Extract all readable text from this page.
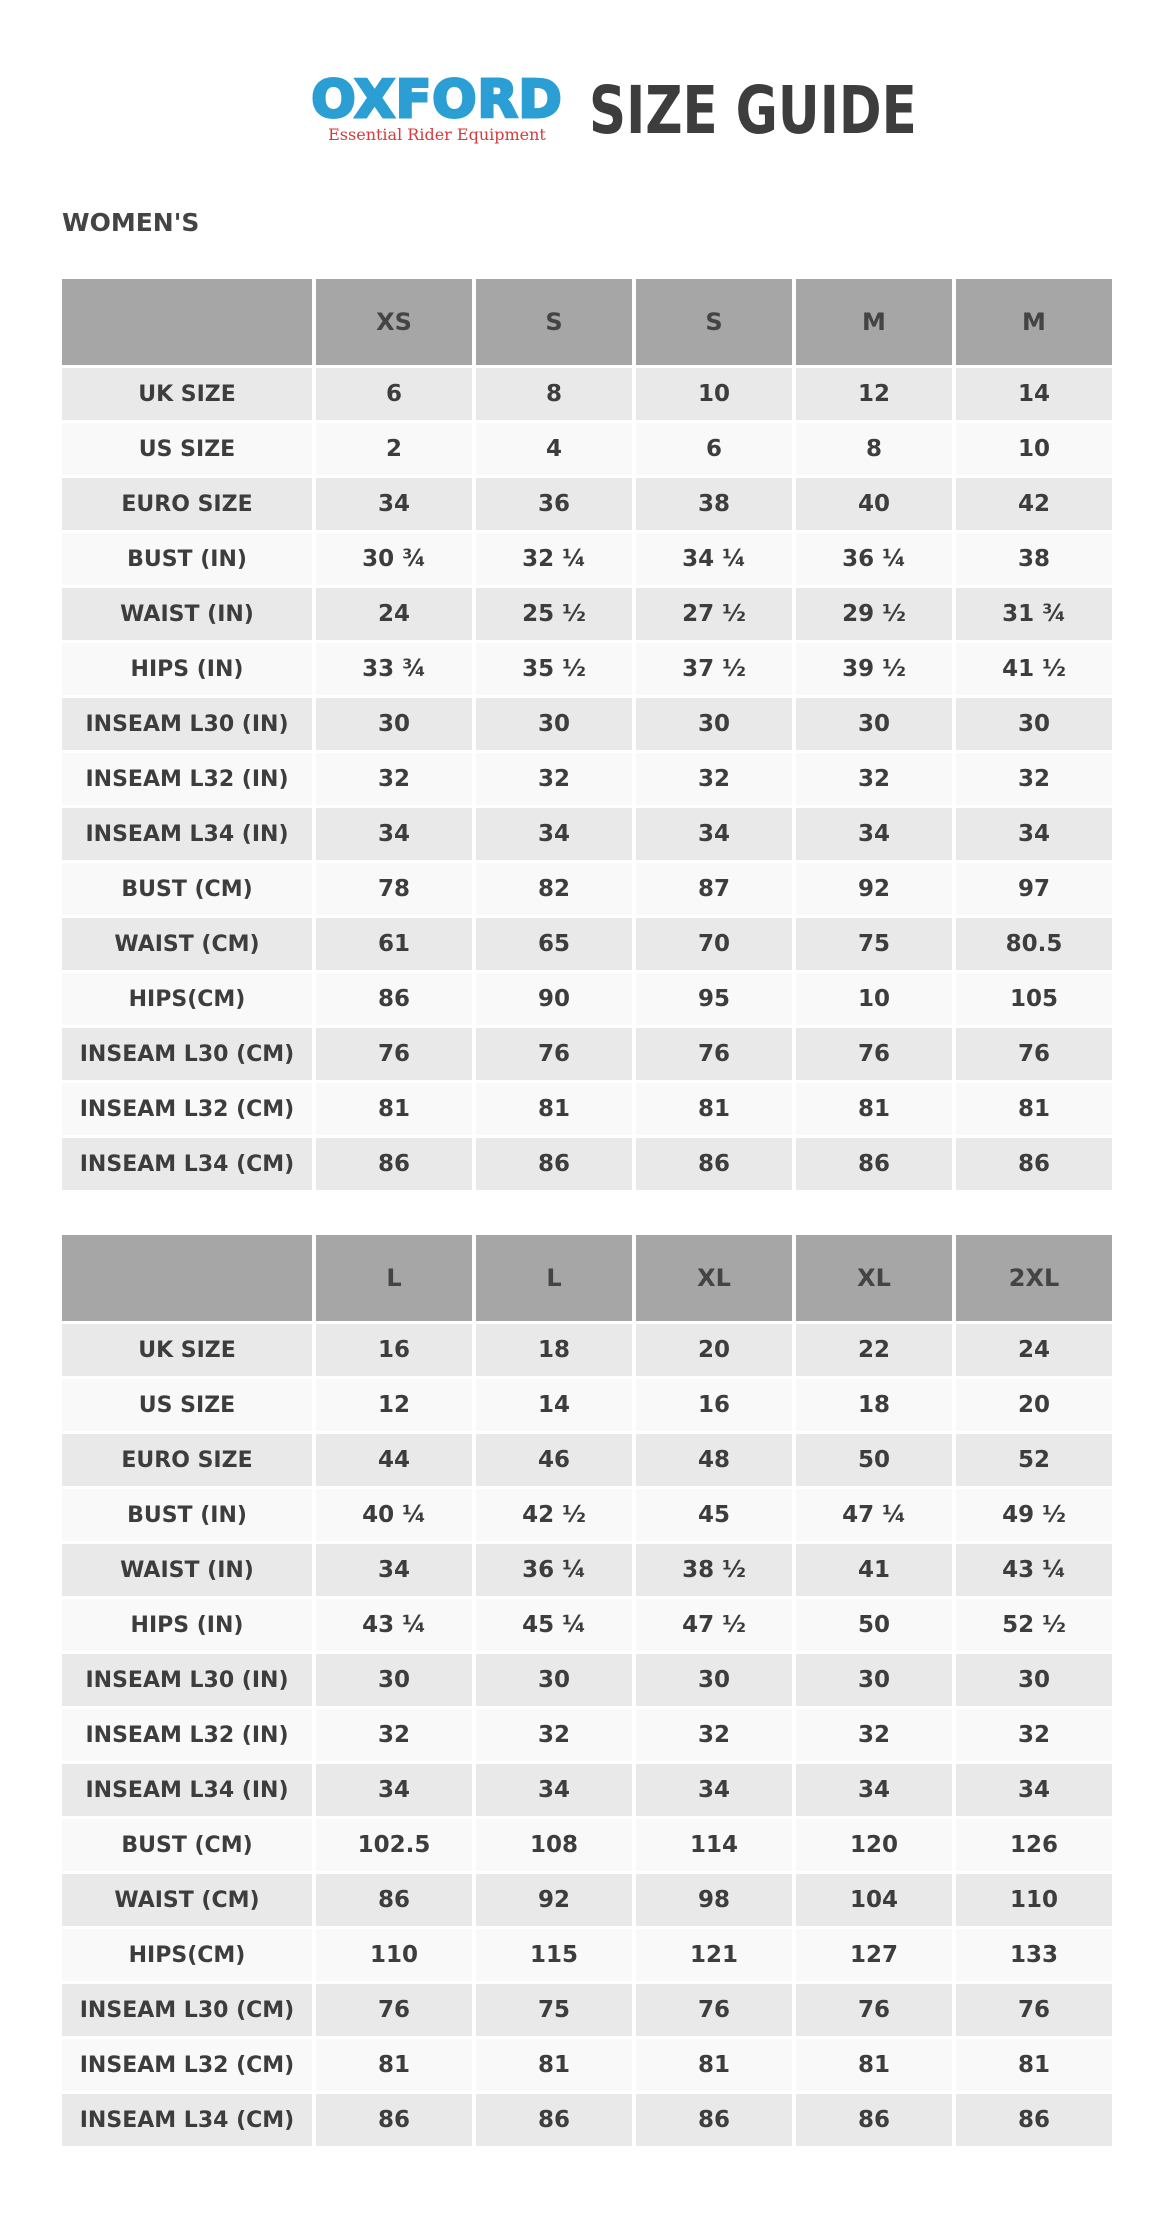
OXFORD
Essential Rider Equipment SIZE GUIDE
WOMEN'S
	XS	S	S	M	M
UK SIZE	6	8	10	12	14
US SIZE	2	4	6	8	10
EURO SIZE	34	36	38	40	42
BUST (IN)	30 ¾	32 ¼	34 ¼	36 ¼	38
WAIST (IN)	24	25 ½	27 ½	29 ½	31 ¾
HIPS (IN)	33 ¾	35 ½	37 ½	39 ½	41 ½
INSEAM L30 (IN)	30	30	30	30	30
INSEAM L32 (IN)	32	32	32	32	32
INSEAM L34 (IN)	34	34	34	34	34
BUST (CM)	78	82	87	92	97
WAIST (CM)	61	65	70	75	80.5
HIPS(CM)	86	90	95	10	105
INSEAM L30 (CM)	76	76	76	76	76
INSEAM L32 (CM)	81	81	81	81	81
INSEAM L34 (CM)	86	86	86	86	86
	L	L	XL	XL	2XL
UK SIZE	16	18	20	22	24
US SIZE	12	14	16	18	20
EURO SIZE	44	46	48	50	52
BUST (IN)	40 ¼	42 ½	45	47 ¼	49 ½
WAIST (IN)	34	36 ¼	38 ½	41	43 ¼
HIPS (IN)	43 ¼	45 ¼	47 ½	50	52 ½
INSEAM L30 (IN)	30	30	30	30	30
INSEAM L32 (IN)	32	32	32	32	32
INSEAM L34 (IN)	34	34	34	34	34
BUST (CM)	102.5	108	114	120	126
WAIST (CM)	86	92	98	104	110
HIPS(CM)	110	115	121	127	133
INSEAM L30 (CM)	76	75	76	76	76
INSEAM L32 (CM)	81	81	81	81	81
INSEAM L34 (CM)	86	86	86	86	86
